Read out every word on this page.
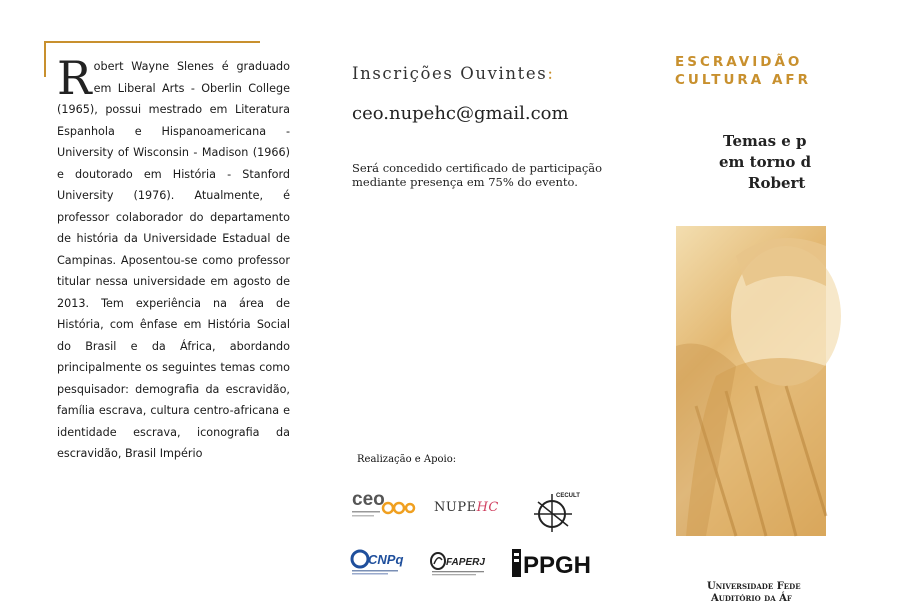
R obert Wayne Slenes é graduado em Liberal Arts - Oberlin College (1965), possui mestrado em Literatura Espanhola e Hispanoamericana - University of Wisconsin - Madison (1966) e doutorado em História - Stanford University (1976). Atualmente, é professor colaborador do departamento de história da Universidade Estadual de Campinas. Aposentou-se como professor titular nessa universidade em agosto de 2013. Tem experiência na área de História, com ênfase em História Social do Brasil e da África, abordando principalmente os seguintes temas como pesquisador: demografia da escravidão, família escrava, cultura centro-africana e identidade escrava, iconografia da escravidão, Brasil Império
Inscrições Ouvintes:
ceo.nupehc@gmail.com
Será concedido certificado de participação mediante presença em 75% do evento.
Realização e Apoio:
ceo	NUPEHC
CECULT
CNPq	FAPERJ PPGH
ESCRAVIDÃO
CULTURA AFR
Temas e p
em torno d
Robert
Universidade Fede
Auditório da Áf
